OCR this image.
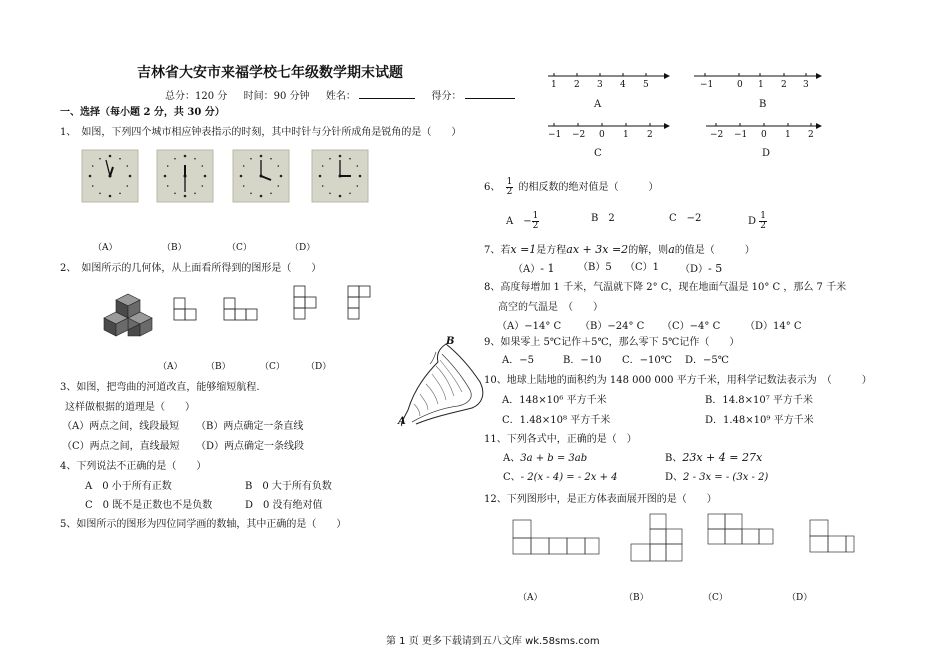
吉林省大安市来福学校七年级数学期末试题
总分：120 分 时间：90 分钟 姓名：	得分：
一、选择（每小题 2 分，共 30 分）
1、　如图，下列四个城市相应钟表指示的时刻，其中时针与分针所成角是锐角的是（　　）
（A）	（B）	（C）	（D）
2、　如图所示的几何体，从上面看所得到的图形是（　　）
（A）	（B）	（C） （D）
3、如图，把弯曲的河道改直，能够缩短航程.
这样做根据的道理是（　　）
（A）两点之间，线段最短 （B）两点确定一条直线
（C）两点之间，直线最短 （D）两点确定一条线段
4、下列说法不正确的是（　　）
A　0 小于所有正数	B　0 大于所有负数
C　0 既不是正数也不是负数	D　0 没有绝对值
5、如图所示的图形为四位同学画的数轴，其中正确的是（　　）
B
A
1 2 3 4 5
A
−1	0 1 2 3
B
−1 −2 0 1 2
C
−2 −1 0 1 2
D
6、 $\frac{1}{2}$ 的相反数的绝对值是（　　　）
A　− $\frac{1}{2}$	B　2	C　−2	D $\frac{1}{2}$
7、若x =1是方程ax + 3x =2的解，则a的值是（　　　）
（A）- 1 （B）5 （C）1 （D）- 5
8、高度每增加 1 千米，气温就下降 2° C，现在地面气温是 10° C ，那么 7 千米
高空的气温是　（　　）
（A）−14° C （B）−24° C （C）−4° C （D）14° C
9、如果零上 5℃记作＋5℃，那么零下 5℃记作（　　）
A．−5	B．−10 C．−10℃ D．−5℃
10、地球上陆地的面积约为 148 000 000 平方千米，用科学记数法表示为　（　　　）
A．148×10⁶ 平方千米	B．14.8×10⁷ 平方千米
C．1.48×10⁸ 平方千米	D．1.48×10⁹ 平方千米
11、下列各式中，正确的是（　）
A、3a + b = 3ab	B、23x + 4 = 27x
C、- 2(x - 4) = - 2x + 4	D、2 - 3x = - (3x - 2)
12、下列图形中，是正方体表面展开图的是（　　）
（A）	（B）	（C）	（D）
第 1 页 更多下载请到五八文库 wk.58sms.com
